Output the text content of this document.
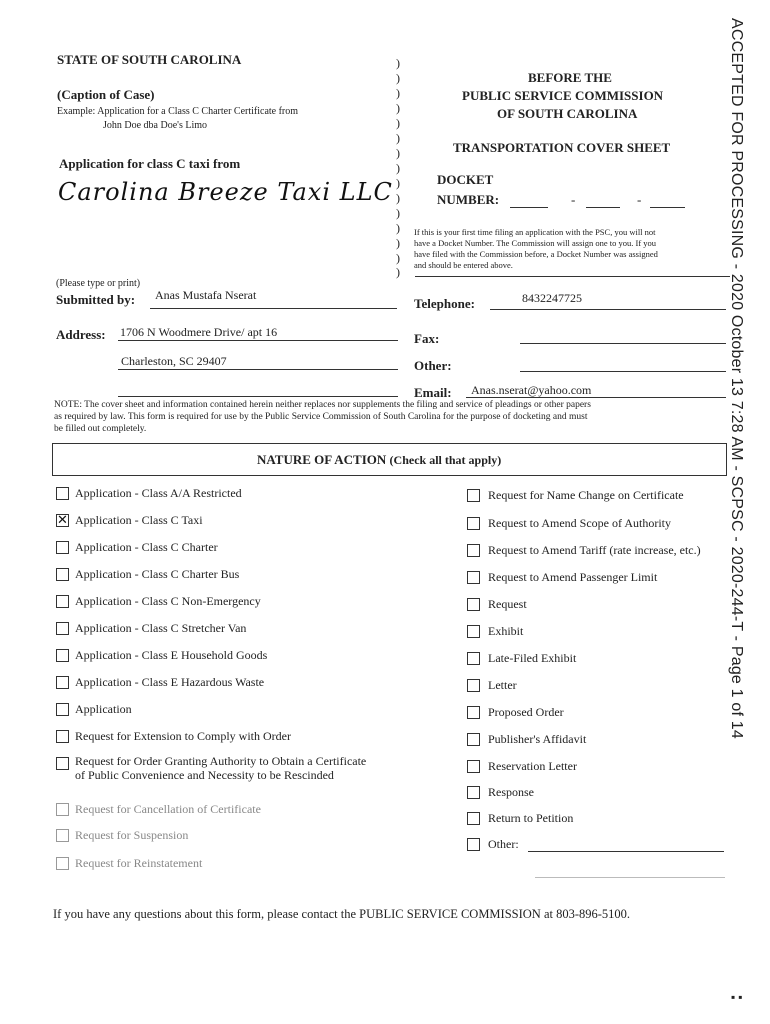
ACCEPTED FOR PROCESSING - 2020 October 13 7:28 AM - SCPSC - 2020-244-T - Page 1 of 14
STATE OF SOUTH CAROLINA
(Caption of Case)
Example: Application for a Class C Charter Certificate from
John Doe dba Doe's Limo
Application for class C taxi from
Carolina Breeze Taxi LLC
)
)
)
)
)
)
)
)
)
)
)
)
)
)
)
BEFORE THE
PUBLIC SERVICE COMMISSION
OF SOUTH CAROLINA
TRANSPORTATION COVER SHEET
DOCKET
NUMBER:	-	-
If this is your first time filing an application with the PSC, you will not
have a Docket Number. The Commission will assign one to you. If you
have filed with the Commission before, a Docket Number was assigned
and should be entered above.
(Please type or print)
Submitted by: Anas Mustafa Nserat
Telephone:	8432247725
Address: 1706 N Woodmere Drive/ apt 16
Charleston, SC 29407
Fax:
Other:
Email: Anas.nserat@yahoo.com
NOTE: The cover sheet and information contained herein neither replaces nor supplements the filing and service of pleadings or other papers
as required by law. This form is required for use by the Public Service Commission of South Carolina for the purpose of docketing and must
be filled out completely.
NATURE OF ACTION (Check all that apply)
Application - Class A/A Restricted
✕
Application - Class C Taxi
Application - Class C Charter
Application - Class C Charter Bus
Application - Class C Non-Emergency
Application - Class C Stretcher Van
Application - Class E Household Goods
Application - Class E Hazardous Waste
Application
Request for Extension to Comply with Order
Request for Order Granting Authority to Obtain a Certificate
of Public Convenience and Necessity to be Rescinded
Request for Cancellation of Certificate
Request for Suspension
Request for Reinstatement
Request for Name Change on Certificate
Request to Amend Scope of Authority
Request to Amend Tariff (rate increase, etc.)
Request to Amend Passenger Limit
Request
Exhibit
Late-Filed Exhibit
Letter
Proposed Order
Publisher's Affidavit
Reservation Letter
Response
Return to Petition
Other:
If you have any questions about this form, please contact the PUBLIC SERVICE COMMISSION at 803-896-5100.
▪ ▪
